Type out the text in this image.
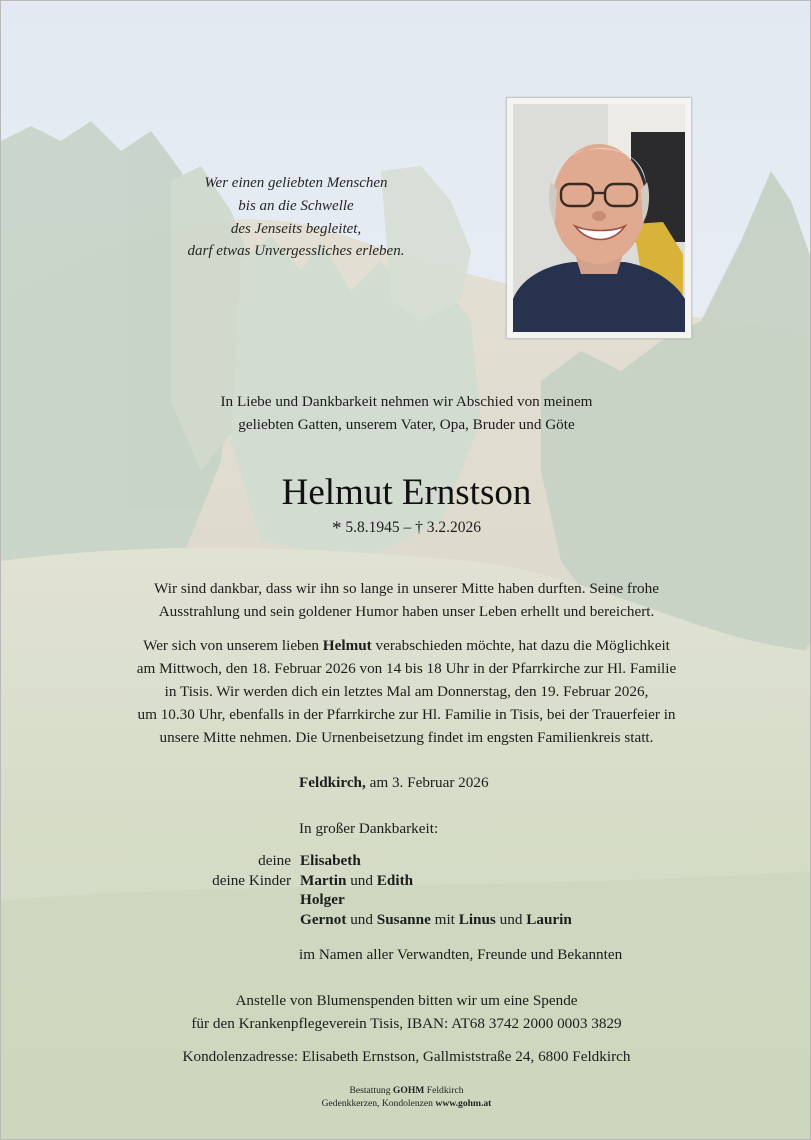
Wer einen geliebten Menschen
bis an die Schwelle
des Jenseits begleitet,
darf etwas Unvergessliches erleben.
In Liebe und Dankbarkeit nehmen wir Abschied von meinem
geliebten Gatten, unserem Vater, Opa, Bruder und Göte
Helmut Ernstson
* 5.8.1945 – † 3.2.2026
Wir sind dankbar, dass wir ihn so lange in unserer Mitte haben durften. Seine frohe
Ausstrahlung und sein goldener Humor haben unser Leben erhellt und bereichert.
Wer sich von unserem lieben Helmut verabschieden möchte, hat dazu die Möglichkeit
am Mittwoch, den 18. Februar 2026 von 14 bis 18 Uhr in der Pfarrkirche zur Hl. Familie
in Tisis. Wir werden dich ein letztes Mal am Donnerstag, den 19. Februar 2026,
um 10.30 Uhr, ebenfalls in der Pfarrkirche zur Hl. Familie in Tisis, bei der Trauerfeier in
unsere Mitte nehmen. Die Urnenbeisetzung findet im engsten Familienkreis statt.
Feldkirch, am 3. Februar 2026
In großer Dankbarkeit:
deine
deine Kinder
Elisabeth
Martin und Edith
Holger
Gernot und Susanne mit Linus und Laurin
im Namen aller Verwandten, Freunde und Bekannten
Anstelle von Blumenspenden bitten wir um eine Spende
für den Krankenpflegeverein Tisis, IBAN: AT68 3742 2000 0003 3829
Kondolenzadresse: Elisabeth Ernstson, Gallmiststraße 24, 6800 Feldkirch
Bestattung GOHM Feldkirch
Gedenkkerzen, Kondolenzen www.gohm.at
